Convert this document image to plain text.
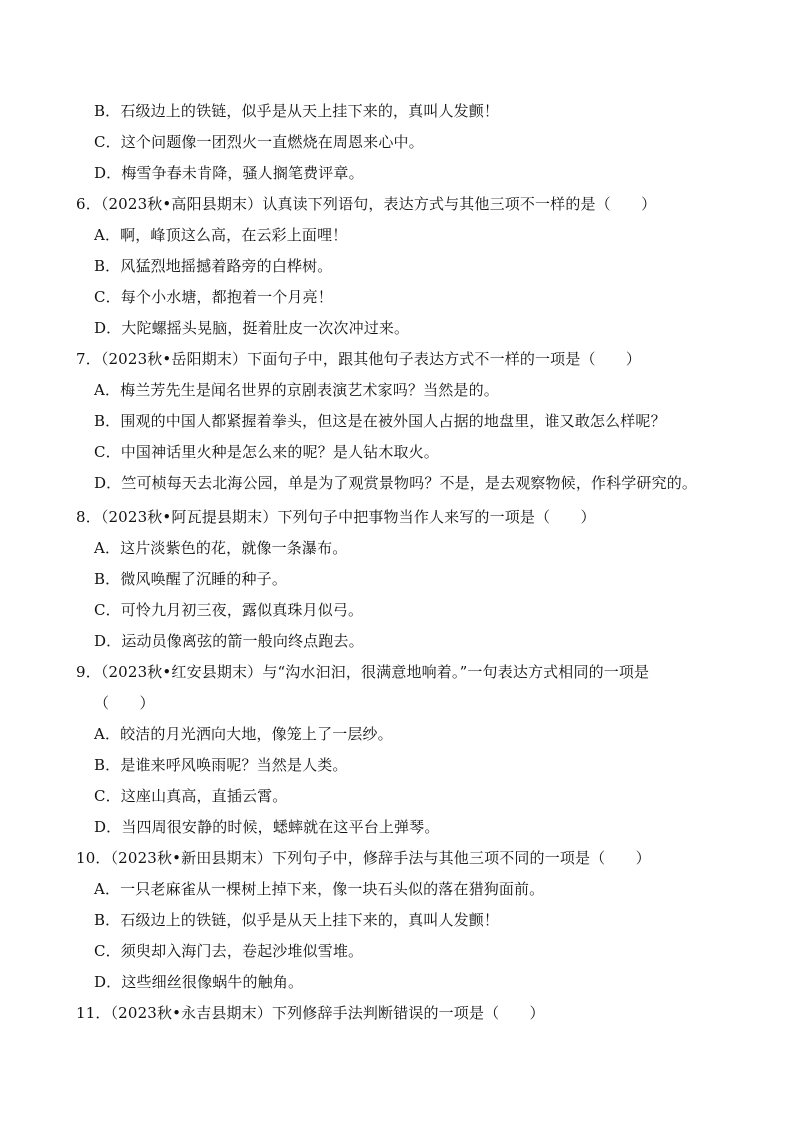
B．石级边上的铁链，似乎是从天上挂下来的，真叫人发颤！
C．这个问题像一团烈火一直燃烧在周恩来心中。
D．梅雪争春未肯降，骚人搁笔费评章。
6．（2023秋•高阳县期末）认真读下列语句，表达方式与其他三项不一样的是（　　）
A．啊，峰顶这么高，在云彩上面哩！
B．风猛烈地摇撼着路旁的白桦树。
C．每个小水塘，都抱着一个月亮！
D．大陀螺摇头晃脑，挺着肚皮一次次冲过来。
7．（2023秋•岳阳期末）下面句子中，跟其他句子表达方式不一样的一项是（　　）
A．梅兰芳先生是闻名世界的京剧表演艺术家吗？当然是的。
B．围观的中国人都紧握着拳头，但这是在被外国人占据的地盘里，谁又敢怎么样呢？
C．中国神话里火种是怎么来的呢？是人钻木取火。
D．竺可桢每天去北海公园，单是为了观赏景物吗？不是，是去观察物候，作科学研究的。
8．（2023秋•阿瓦提县期末）下列句子中把事物当作人来写的一项是（　　）
A．这片淡紫色的花，就像一条瀑布。
B．微风唤醒了沉睡的种子。
C．可怜九月初三夜，露似真珠月似弓。
D．运动员像离弦的箭一般向终点跑去。
9．（2023秋•红安县期末）与“沟水汩汩，很满意地响着。”一句表达方式相同的一项是
（　　）
A．皎洁的月光洒向大地，像笼上了一层纱。
B．是谁来呼风唤雨呢？当然是人类。
C．这座山真高，直插云霄。
D．当四周很安静的时候，蟋蟀就在这平台上弹琴。
10．（2023秋•新田县期末）下列句子中，修辞手法与其他三项不同的一项是（　　）
A．一只老麻雀从一棵树上掉下来，像一块石头似的落在猎狗面前。
B．石级边上的铁链，似乎是从天上挂下来的，真叫人发颤！
C．须臾却入海门去，卷起沙堆似雪堆。
D．这些细丝很像蜗牛的触角。
11．（2023秋•永吉县期末）下列修辞手法判断错误的一项是（　　）
